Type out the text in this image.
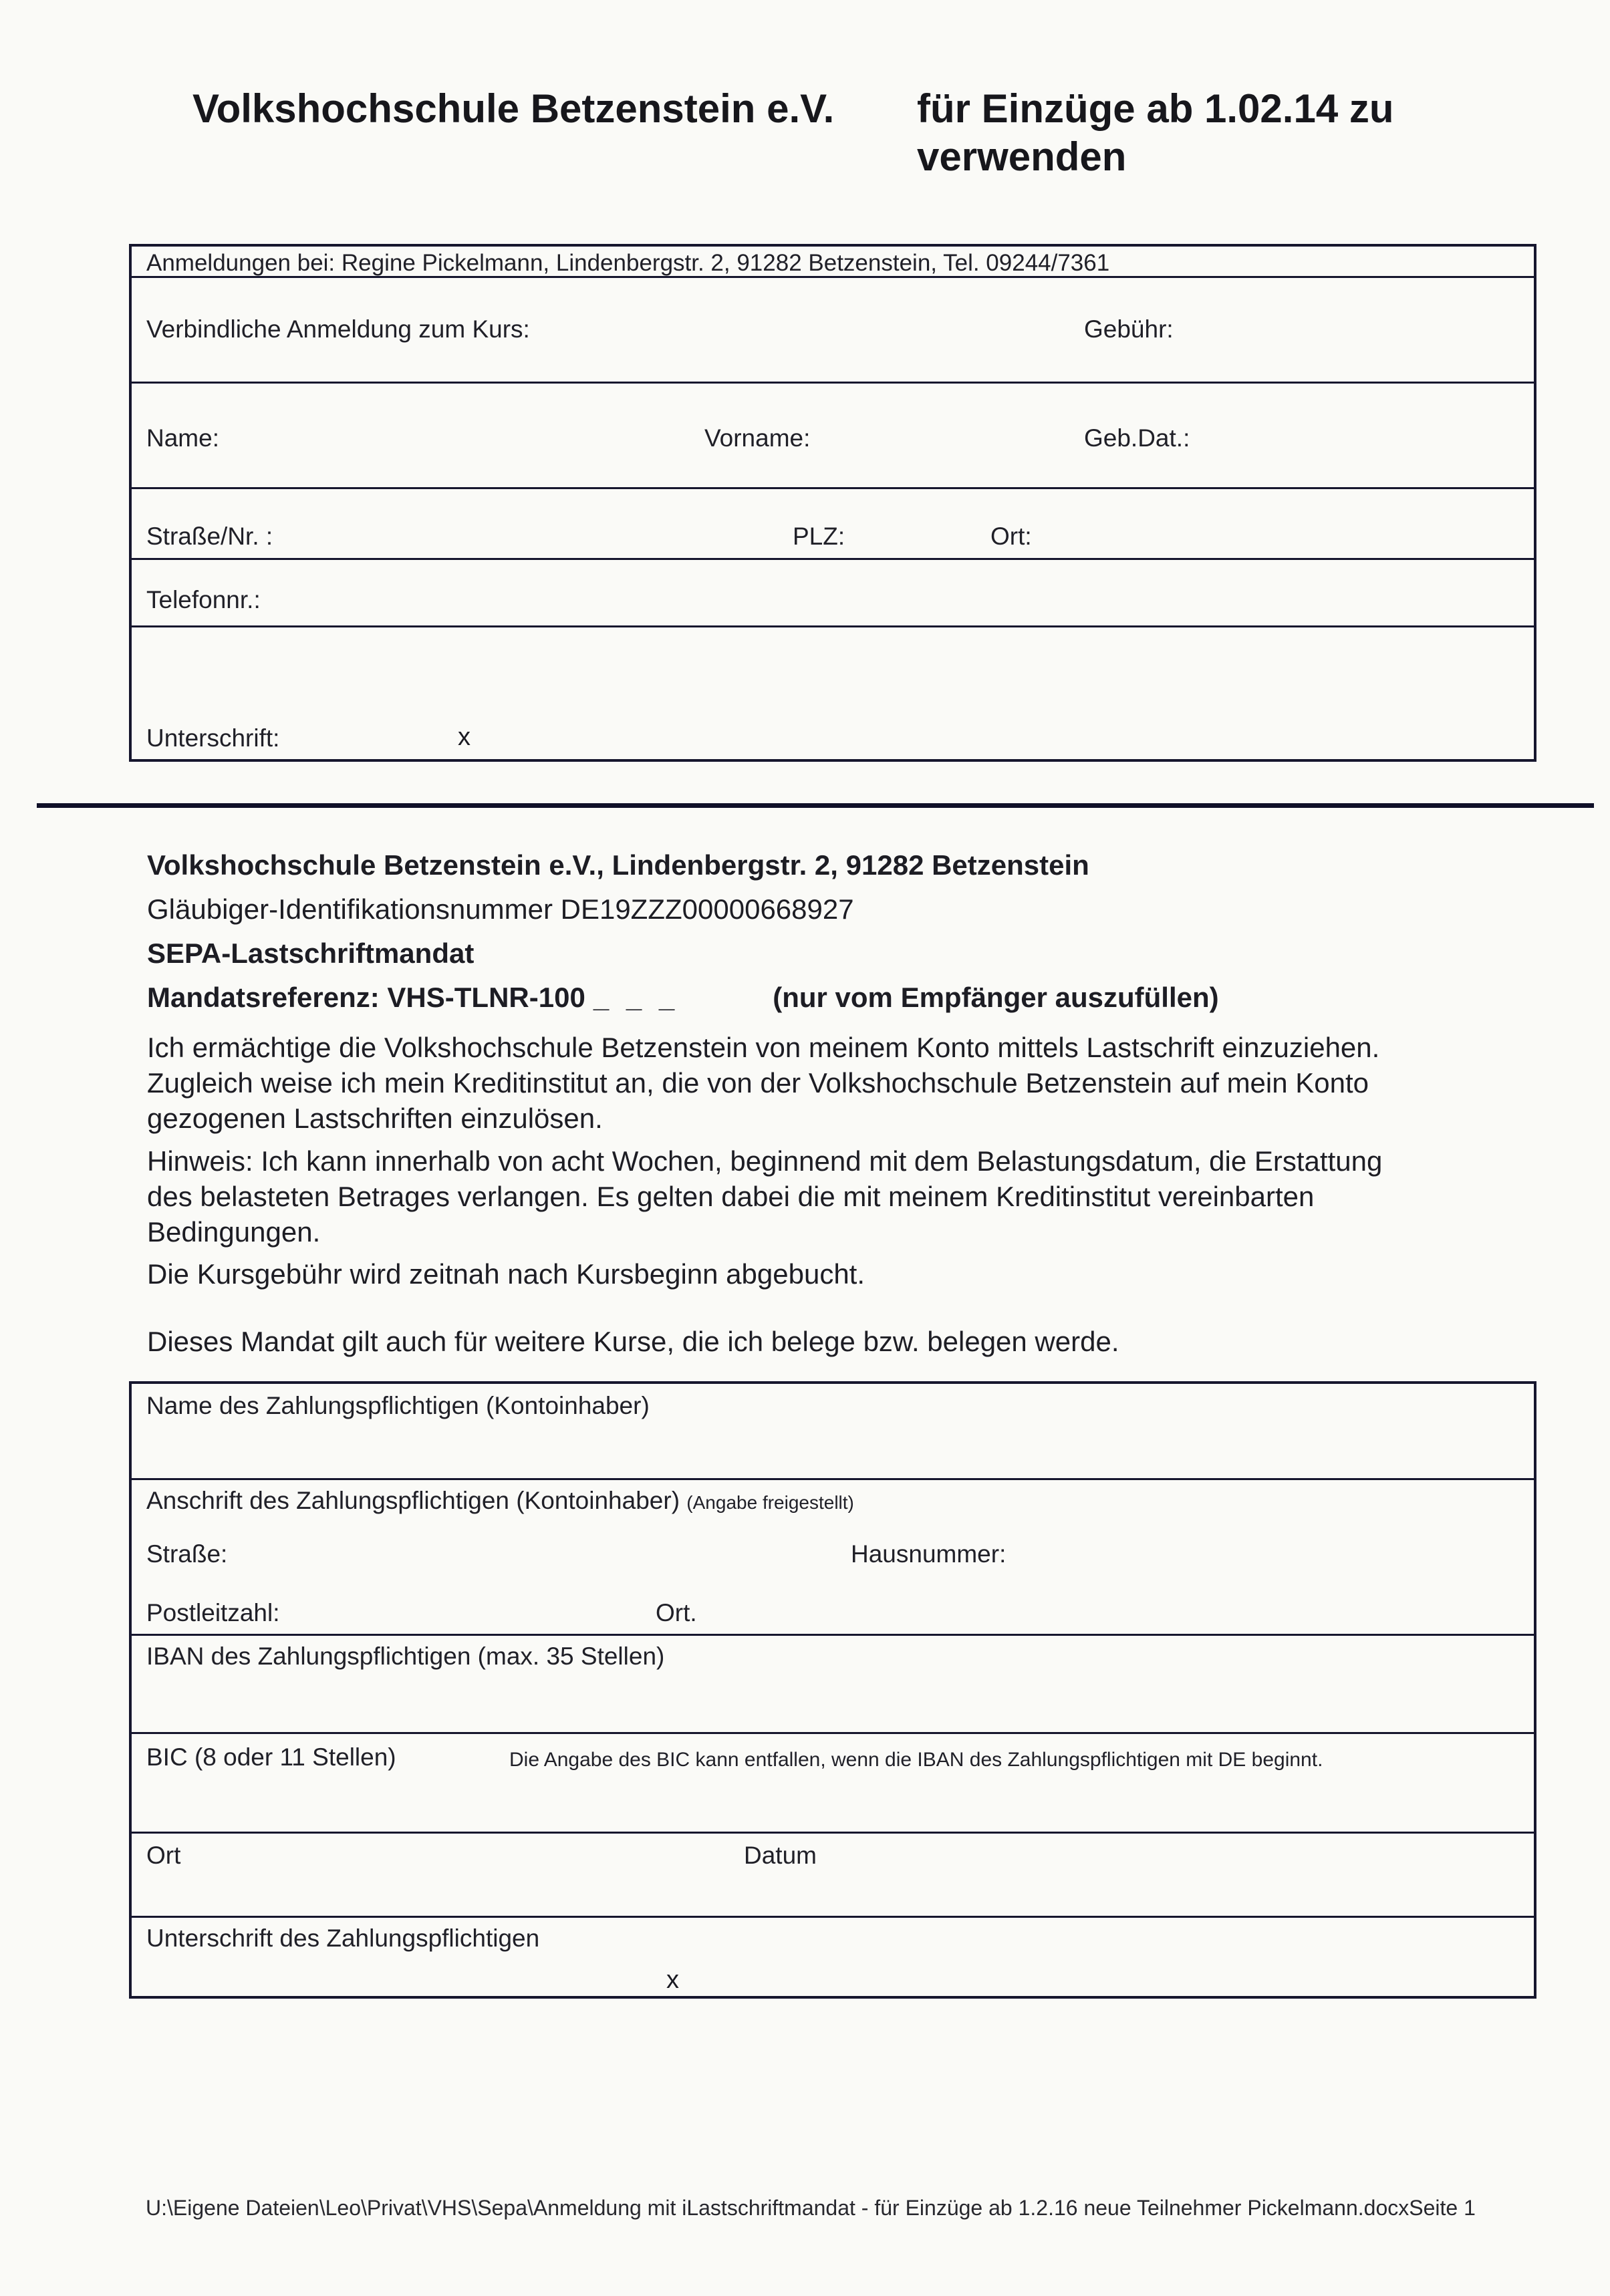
Volkshochschule Betzenstein e.V. für Einzüge ab 1.02.14 zu
verwenden
Anmeldungen bei: Regine Pickelmann, Lindenbergstr. 2, 91282 Betzenstein, Tel. 09244/7361
Verbindliche Anmeldung zum Kurs:	Gebühr:
Name:	Vorname:	Geb.Dat.:
Straße/Nr. :	PLZ:	Ort:
Telefonnr.:
Unterschrift:	x
Volkshochschule Betzenstein e.V., Lindenbergstr. 2, 91282 Betzenstein
Gläubiger-Identifikationsnummer DE19ZZZ00000668927
SEPA-Lastschriftmandat
Mandatsreferenz: VHS-TLNR-100 _ _ _	(nur vom Empfänger auszufüllen)
Ich ermächtige die Volkshochschule Betzenstein von meinem Konto mittels Lastschrift einzuziehen.
Zugleich weise ich mein Kreditinstitut an, die von der Volkshochschule Betzenstein auf mein Konto
gezogenen Lastschriften einzulösen.
Hinweis: Ich kann innerhalb von acht Wochen, beginnend mit dem Belastungsdatum, die Erstattung
des belasteten Betrages verlangen. Es gelten dabei die mit meinem Kreditinstitut vereinbarten
Bedingungen.
Die Kursgebühr wird zeitnah nach Kursbeginn abgebucht.
Dieses Mandat gilt auch für weitere Kurse, die ich belege bzw. belegen werde.
Name des Zahlungspflichtigen (Kontoinhaber)
Anschrift des Zahlungspflichtigen (Kontoinhaber) (Angabe freigestellt)
Straße:	Hausnummer:
Postleitzahl:	Ort.
IBAN des Zahlungspflichtigen (max. 35 Stellen)
BIC (8 oder 11 Stellen)	Die Angabe des BIC kann entfallen, wenn die IBAN des Zahlungspflichtigen mit DE beginnt.
Ort	Datum
Unterschrift des Zahlungspflichtigen
x
U:\Eigene Dateien\Leo\Privat\VHS\Sepa\Anmeldung mit iLastschriftmandat - für Einzüge ab 1.2.16 neue Teilnehmer Pickelmann.docxSeite 1
